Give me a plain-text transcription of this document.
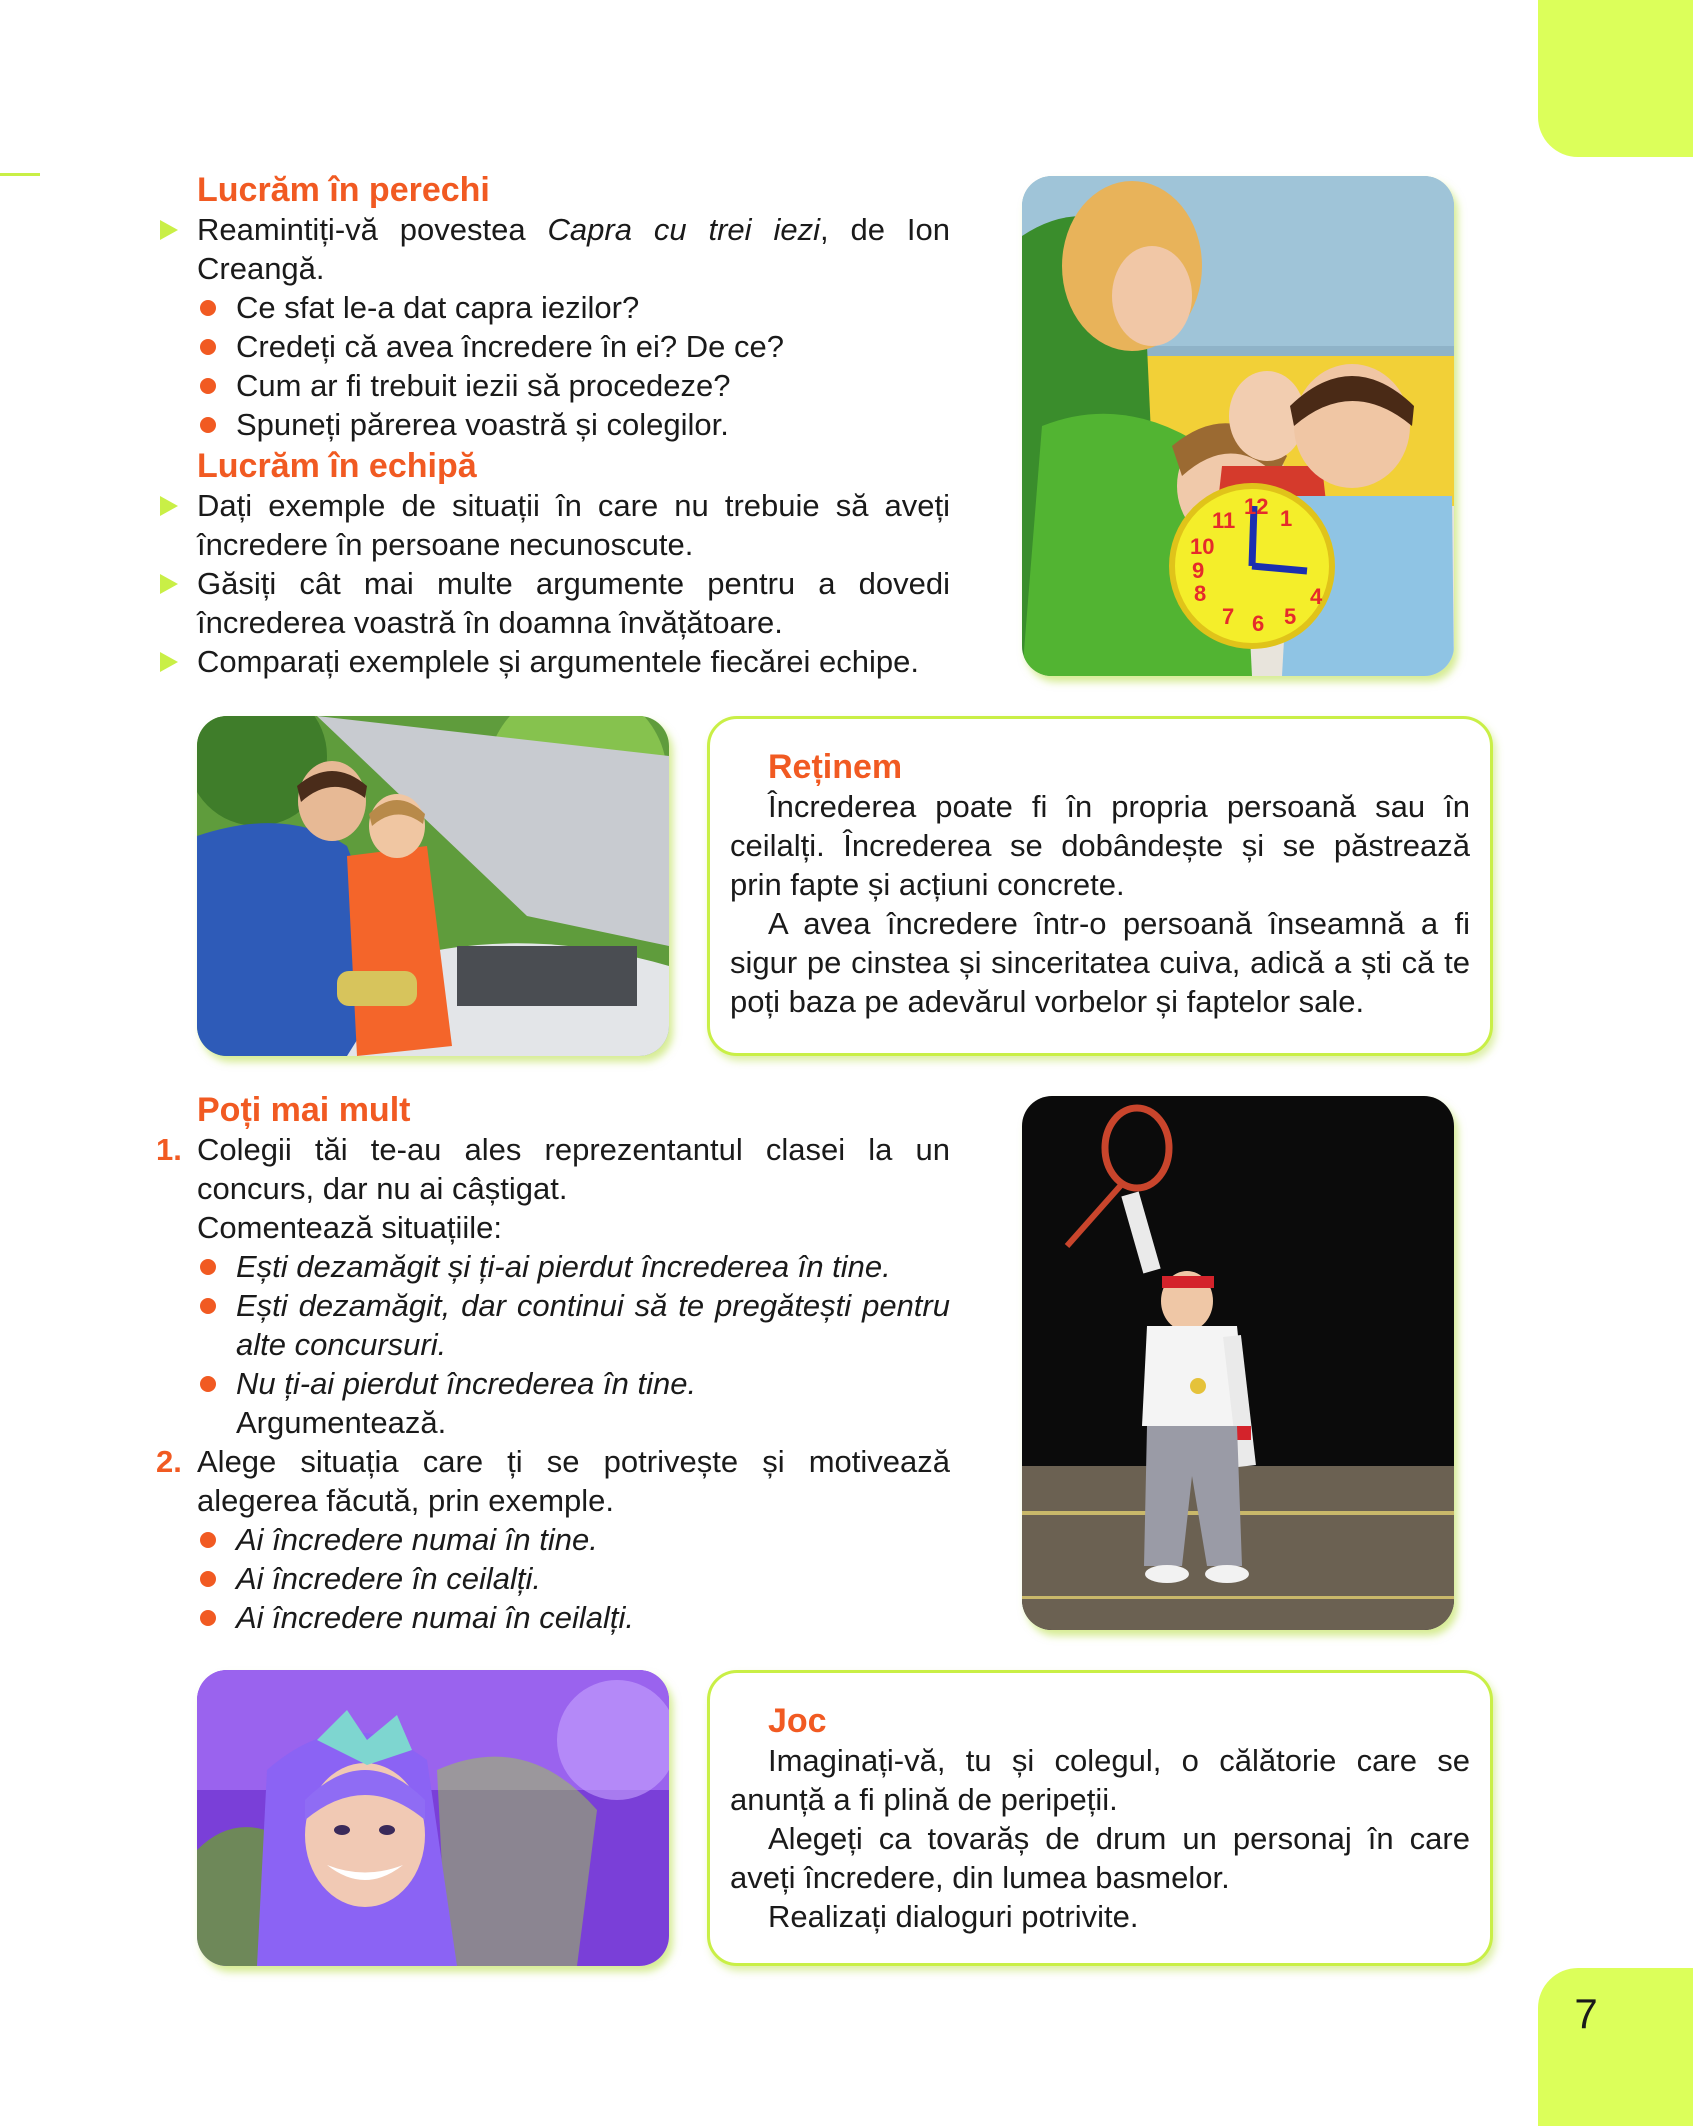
7
Lucrăm în perechi
Reamintiți-vă povestea Capra cu trei iezi, de Ion Creangă.
Ce sfat le-a dat capra iezilor?
Credeți că avea încredere în ei? De ce?
Cum ar fi trebuit iezii să procedeze?
Spuneți părerea voastră și colegilor.
Lucrăm în echipă
Dați exemple de situații în care nu trebuie să aveți încredere în persoane necunoscute.
Găsiți cât mai multe argumente pentru a dovedi încrederea voastră în doamna învățătoare.
Comparați exemplele și argumentele fiecărei echipe.
12 1
4
5
6
7
8
9
10
11
Reținem

Încrederea poate fi în propria persoană sau în ceilalți. Încrederea se dobândește și se păstrează prin fapte și acțiuni concrete.

A avea încredere într-o persoană înseamnă a fi sigur pe cinstea și sinceritatea cuiva, adică a ști că te poți baza pe adevărul vorbelor și faptelor sale.

Poți mai mult
1. Colegii tăi te-au ales reprezentantul clasei la un concurs, dar nu ai câștigat.
Comentează situațiile:
Ești dezamăgit și ți-ai pierdut încrederea în tine.
Ești dezamăgit, dar continui să te pregătești pentru alte concursuri.
Nu ți-ai pierdut încrederea în tine.
Argumentează.
2. Alege situația care ți se potrivește și motivează alegerea făcută, prin exemple.
Ai încredere numai în tine.
Ai încredere în ceilalți.
Ai încredere numai în ceilalți.
Joc

Imaginați-vă, tu și colegul, o călătorie care se anunță a fi plină de peripeții.

Alegeți ca tovarăș de drum un personaj în care aveți încredere, din lumea basmelor.

Realizați dialoguri potrivite.
